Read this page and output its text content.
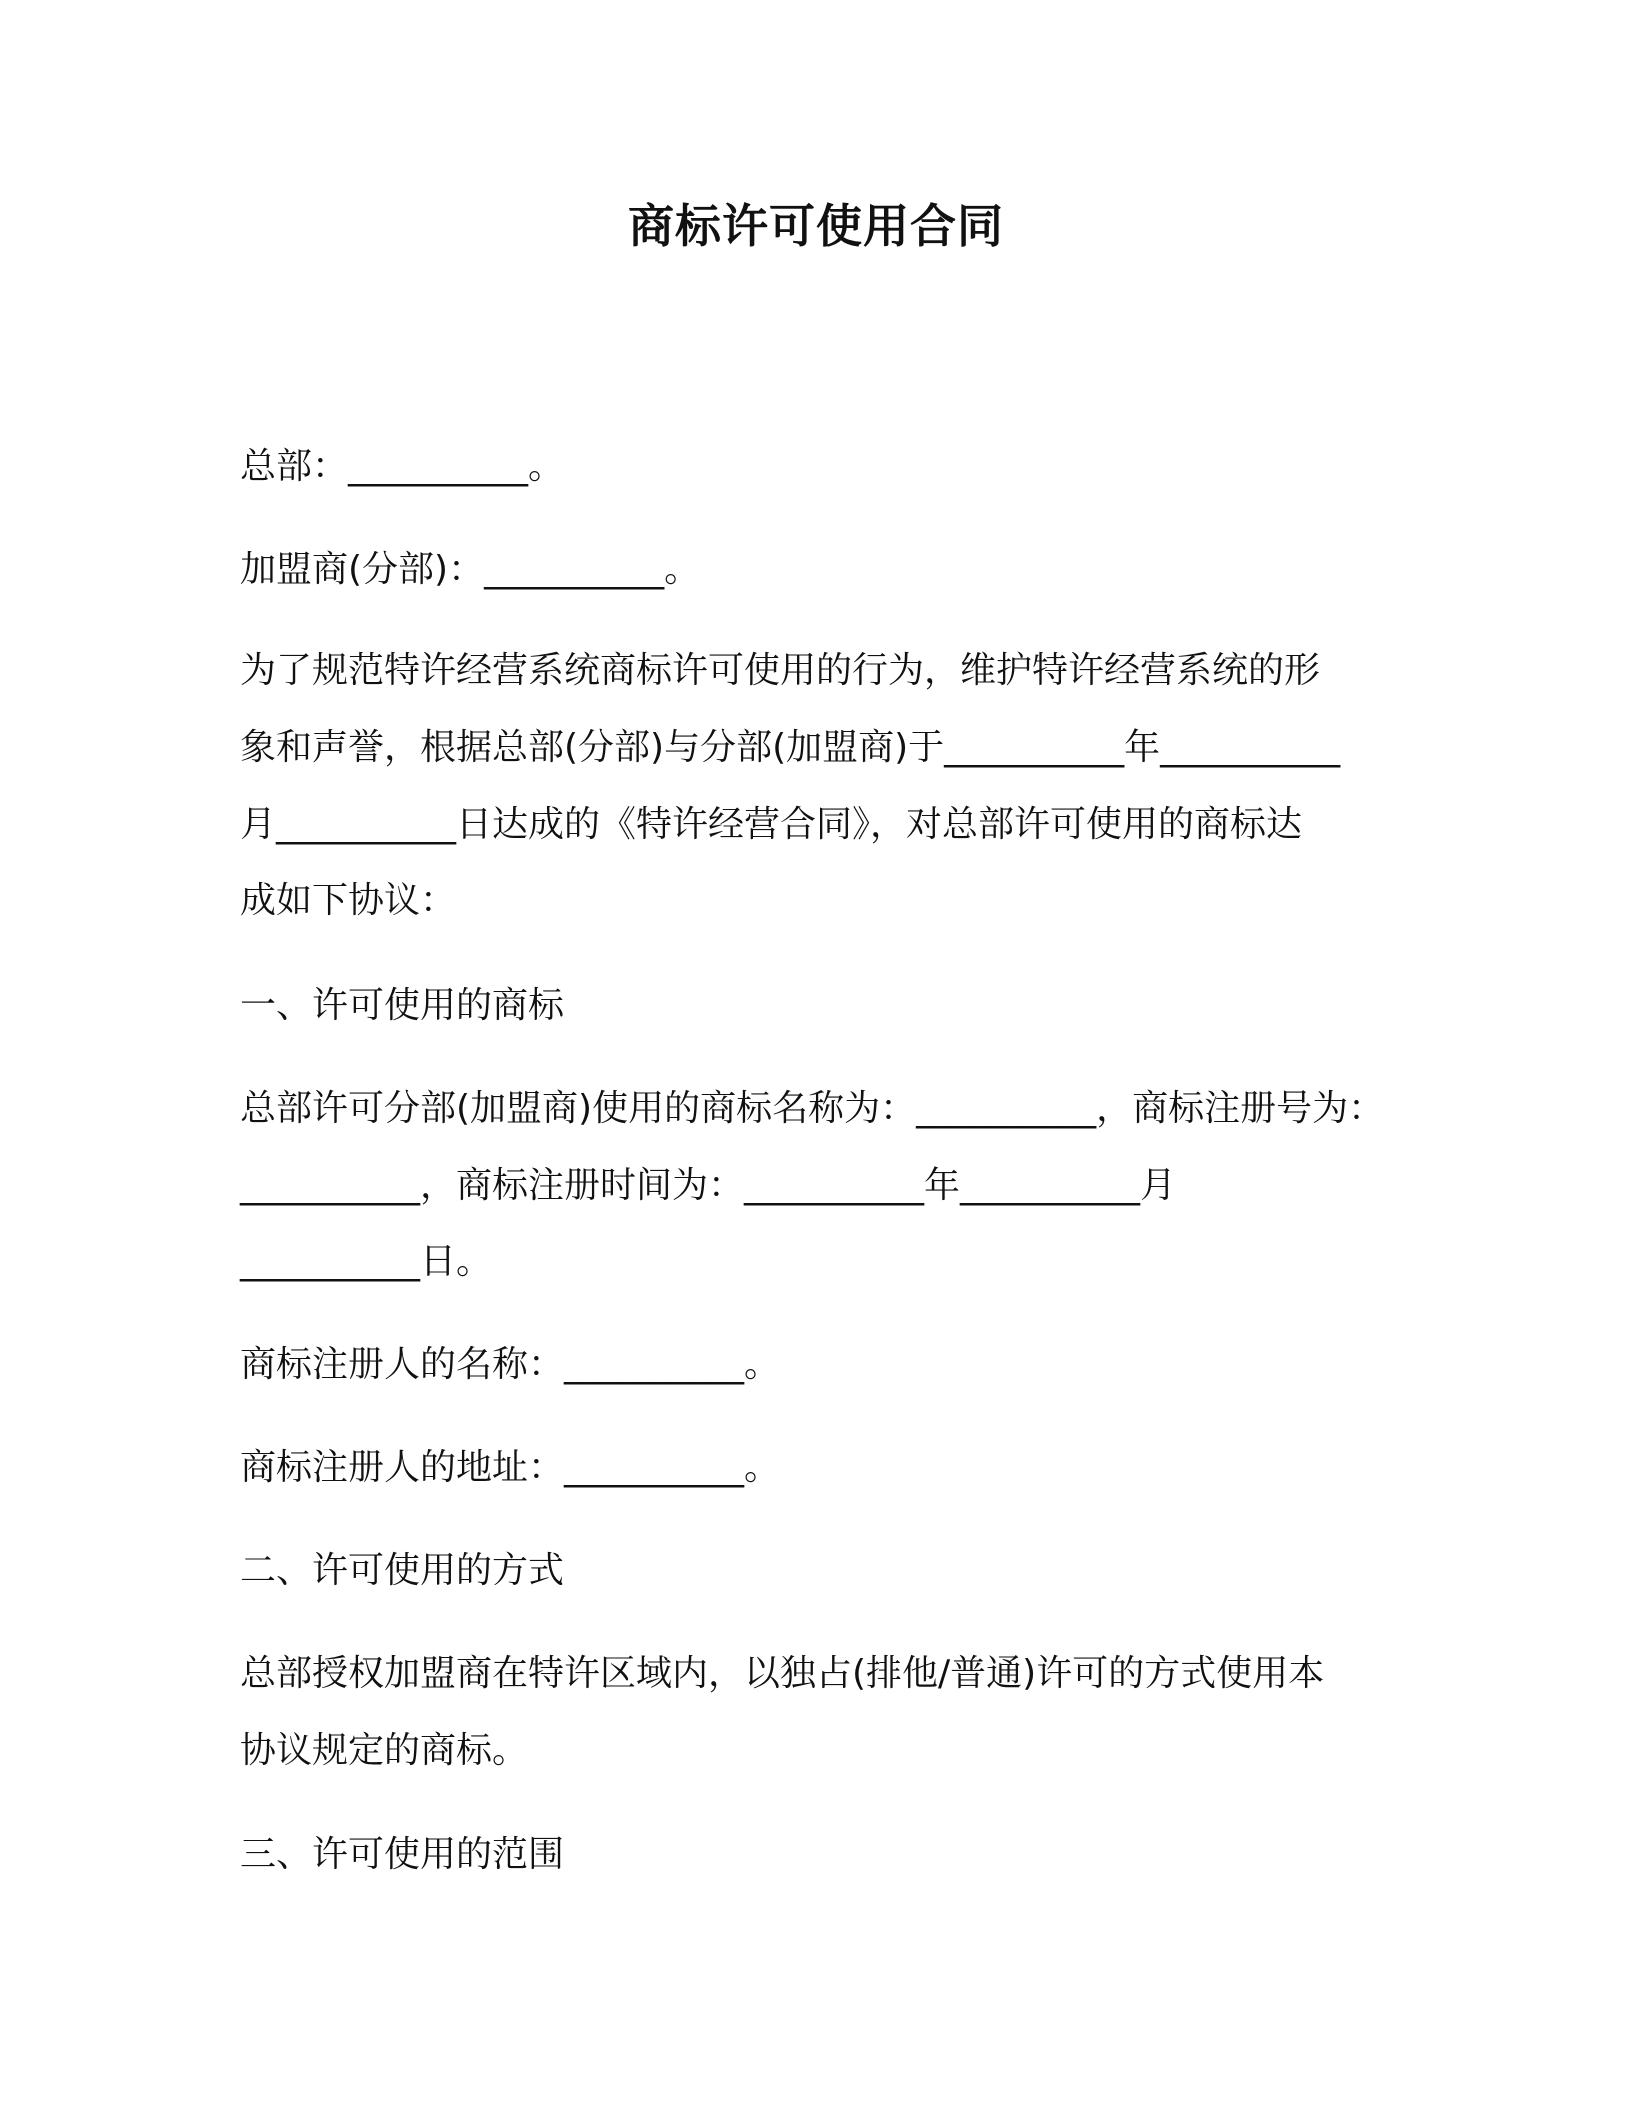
商标许可使用合同

总部：__________。

加盟商(分部)：__________。

为了规范特许经营系统商标许可使用的行为，维护特许经营系统的形

象和声誉，根据总部(分部)与分部(加盟商)于__________年__________

月__________日达成的《特许经营合同》，对总部许可使用的商标达

成如下协议：

一、许可使用的商标

总部许可分部(加盟商)使用的商标名称为：__________，商标注册号为：

__________，商标注册时间为：__________年__________月

__________日。

商标注册人的名称：__________。

商标注册人的地址：__________。

二、许可使用的方式

总部授权加盟商在特许区域内，以独占(排他/普通)许可的方式使用本

协议规定的商标。

三、许可使用的范围
